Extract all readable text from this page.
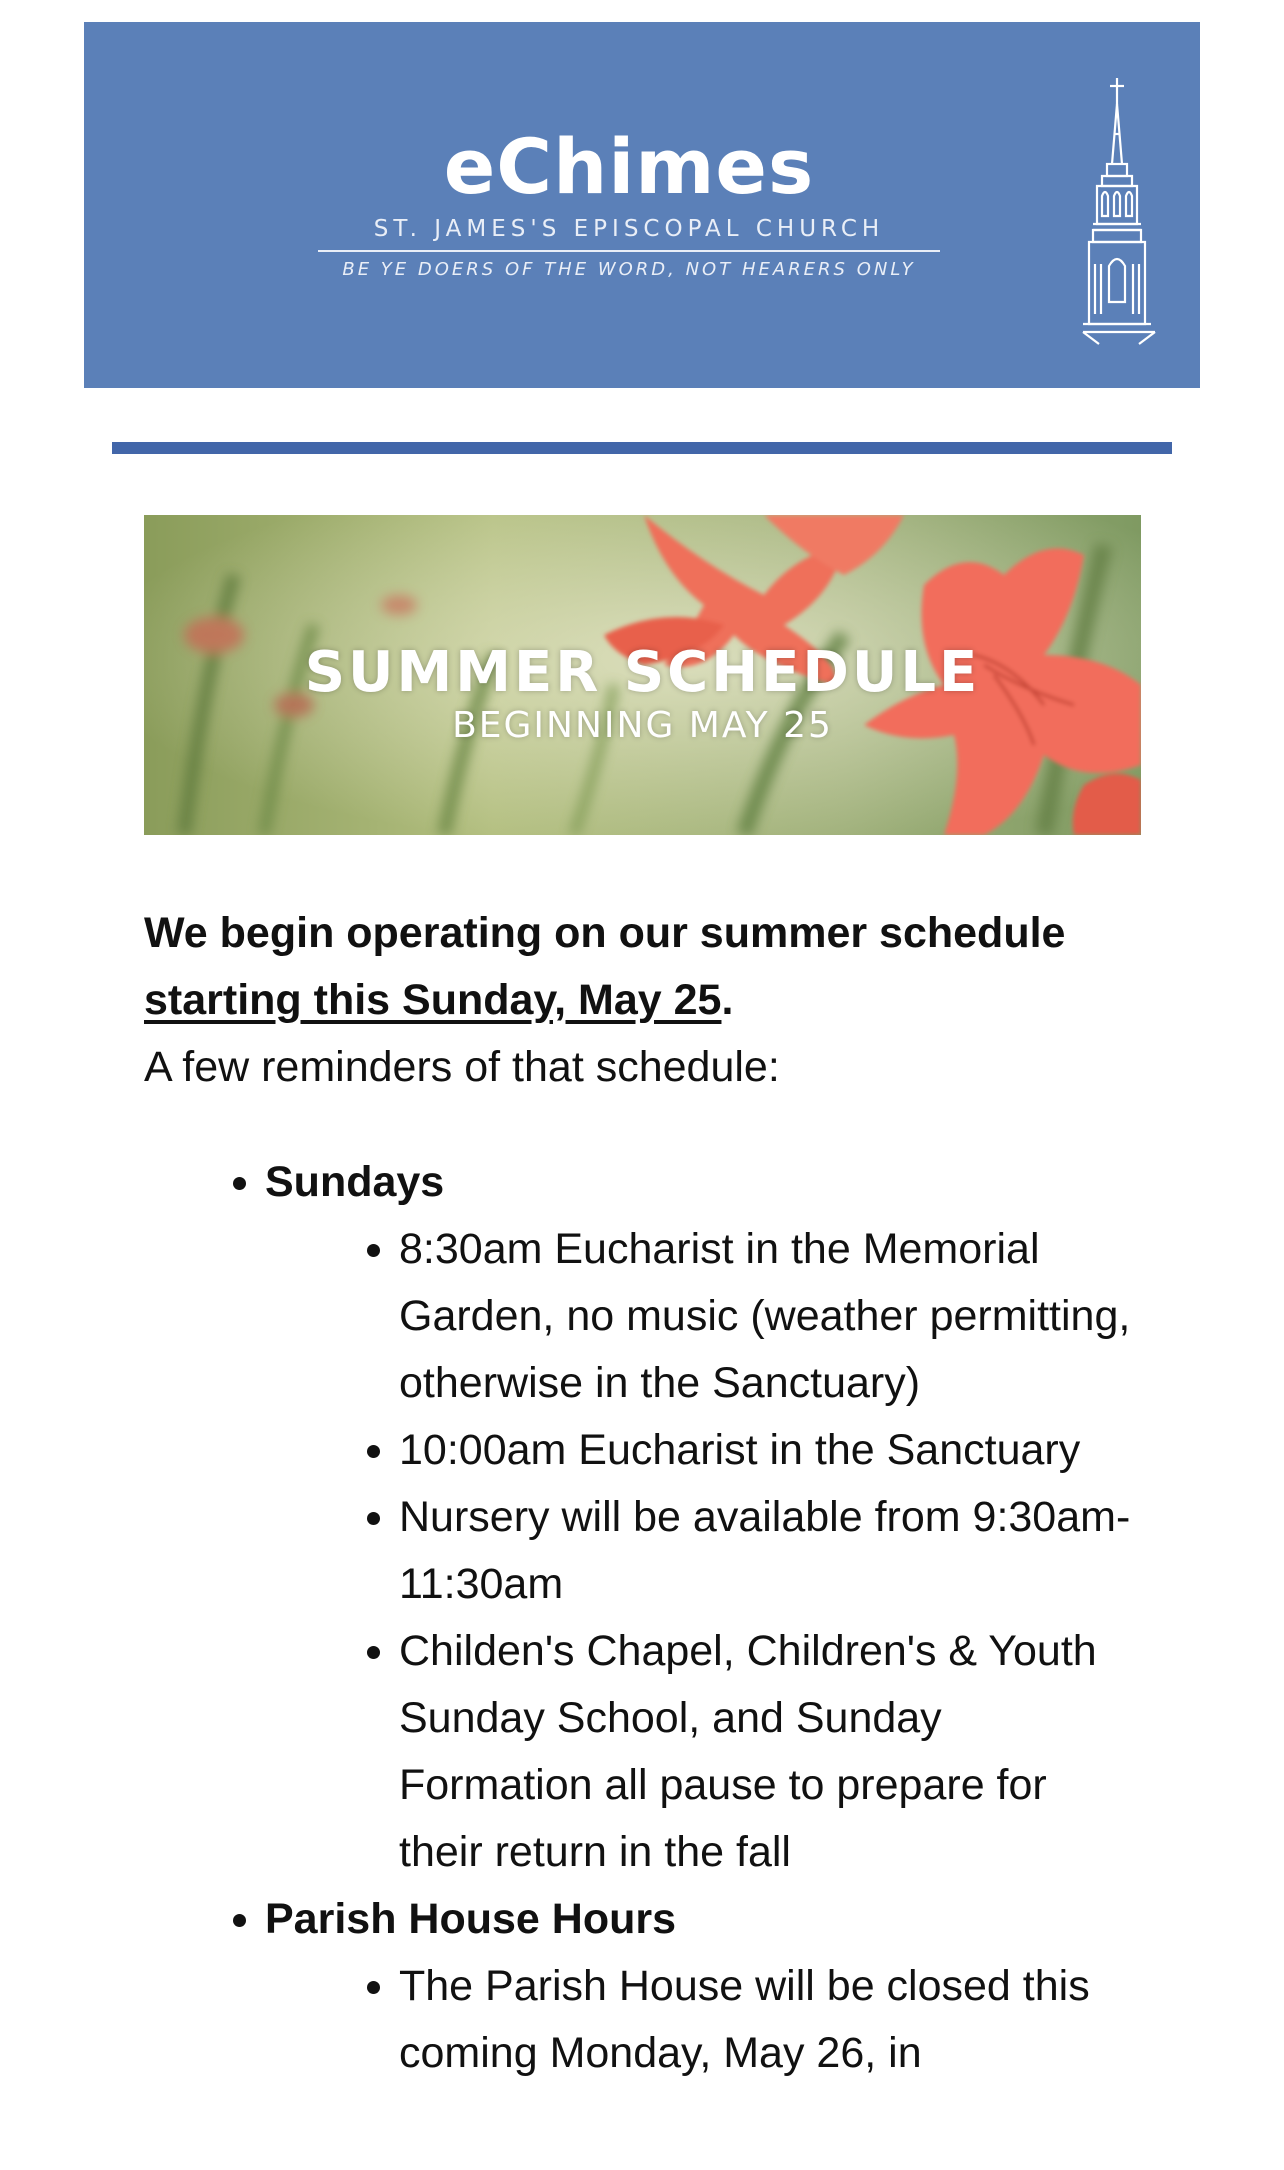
eChimes
ST. JAMES'S EPISCOPAL CHURCH
BE YE DOERS OF THE WORD, NOT HEARERS ONLY
SUMMER SCHEDULE
BEGINNING MAY 25
We begin operating on our summer schedule starting this Sunday, May 25.
A few reminders of that schedule:
• Sundays
• 8:30am Eucharist in the Memorial Garden, no music (weather permitting, otherwise in the Sanctuary)
• 10:00am Eucharist in the Sanctuary
• Nursery will be available from 9:30am-11:30am
• Childen's Chapel, Children's & Youth Sunday School, and Sunday Formation all pause to prepare for their return in the fall
• Parish House Hours
• The Parish House will be closed this coming Monday, May 26, in
